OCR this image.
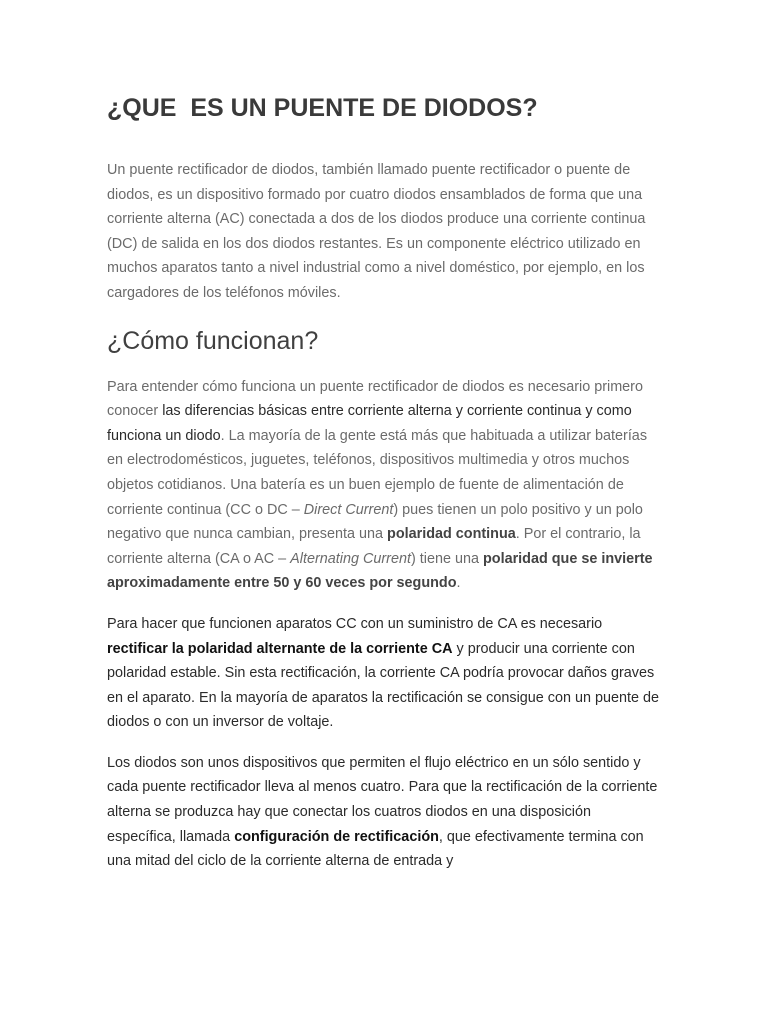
¿QUE  ES UN PUENTE DE DIODOS?

Un puente rectificador de diodos, también llamado puente rectificador o puente de diodos, es un dispositivo formado por cuatro diodos ensamblados de forma que una corriente alterna (AC) conectada a dos de los diodos produce una corriente continua (DC) de salida en los dos diodos restantes. Es un componente eléctrico utilizado en muchos aparatos tanto a nivel industrial como a nivel doméstico, por ejemplo, en los cargadores de los teléfonos móviles.

¿Cómo funcionan?

Para entender cómo funciona un puente rectificador de diodos es necesario primero conocer las diferencias básicas entre corriente alterna y corriente continua y como funciona un diodo. La mayoría de la gente está más que habituada a utilizar baterías en electrodomésticos, juguetes, teléfonos, dispositivos multimedia y otros muchos objetos cotidianos. Una batería es un buen ejemplo de fuente de alimentación de corriente continua (CC o DC – Direct Current) pues tienen un polo positivo y un polo negativo que nunca cambian, presenta una polaridad continua. Por el contrario, la corriente alterna (CA o AC – Alternating Current) tiene una polaridad que se invierte aproximadamente entre 50 y 60 veces por segundo.

Para hacer que funcionen aparatos CC con un suministro de CA es necesario rectificar la polaridad alternante de la corriente CA y producir una corriente con polaridad estable. Sin esta rectificación, la corriente CA podría provocar daños graves en el aparato. En la mayoría de aparatos la rectificación se consigue con un puente de diodos o con un inversor de voltaje.

Los diodos son unos dispositivos que permiten el flujo eléctrico en un sólo sentido y cada puente rectificador lleva al menos cuatro. Para que la rectificación de la corriente alterna se produzca hay que conectar los cuatros diodos en una disposición específica, llamada configuración de rectificación, que efectivamente termina con una mitad del ciclo de la corriente alterna de entrada y
